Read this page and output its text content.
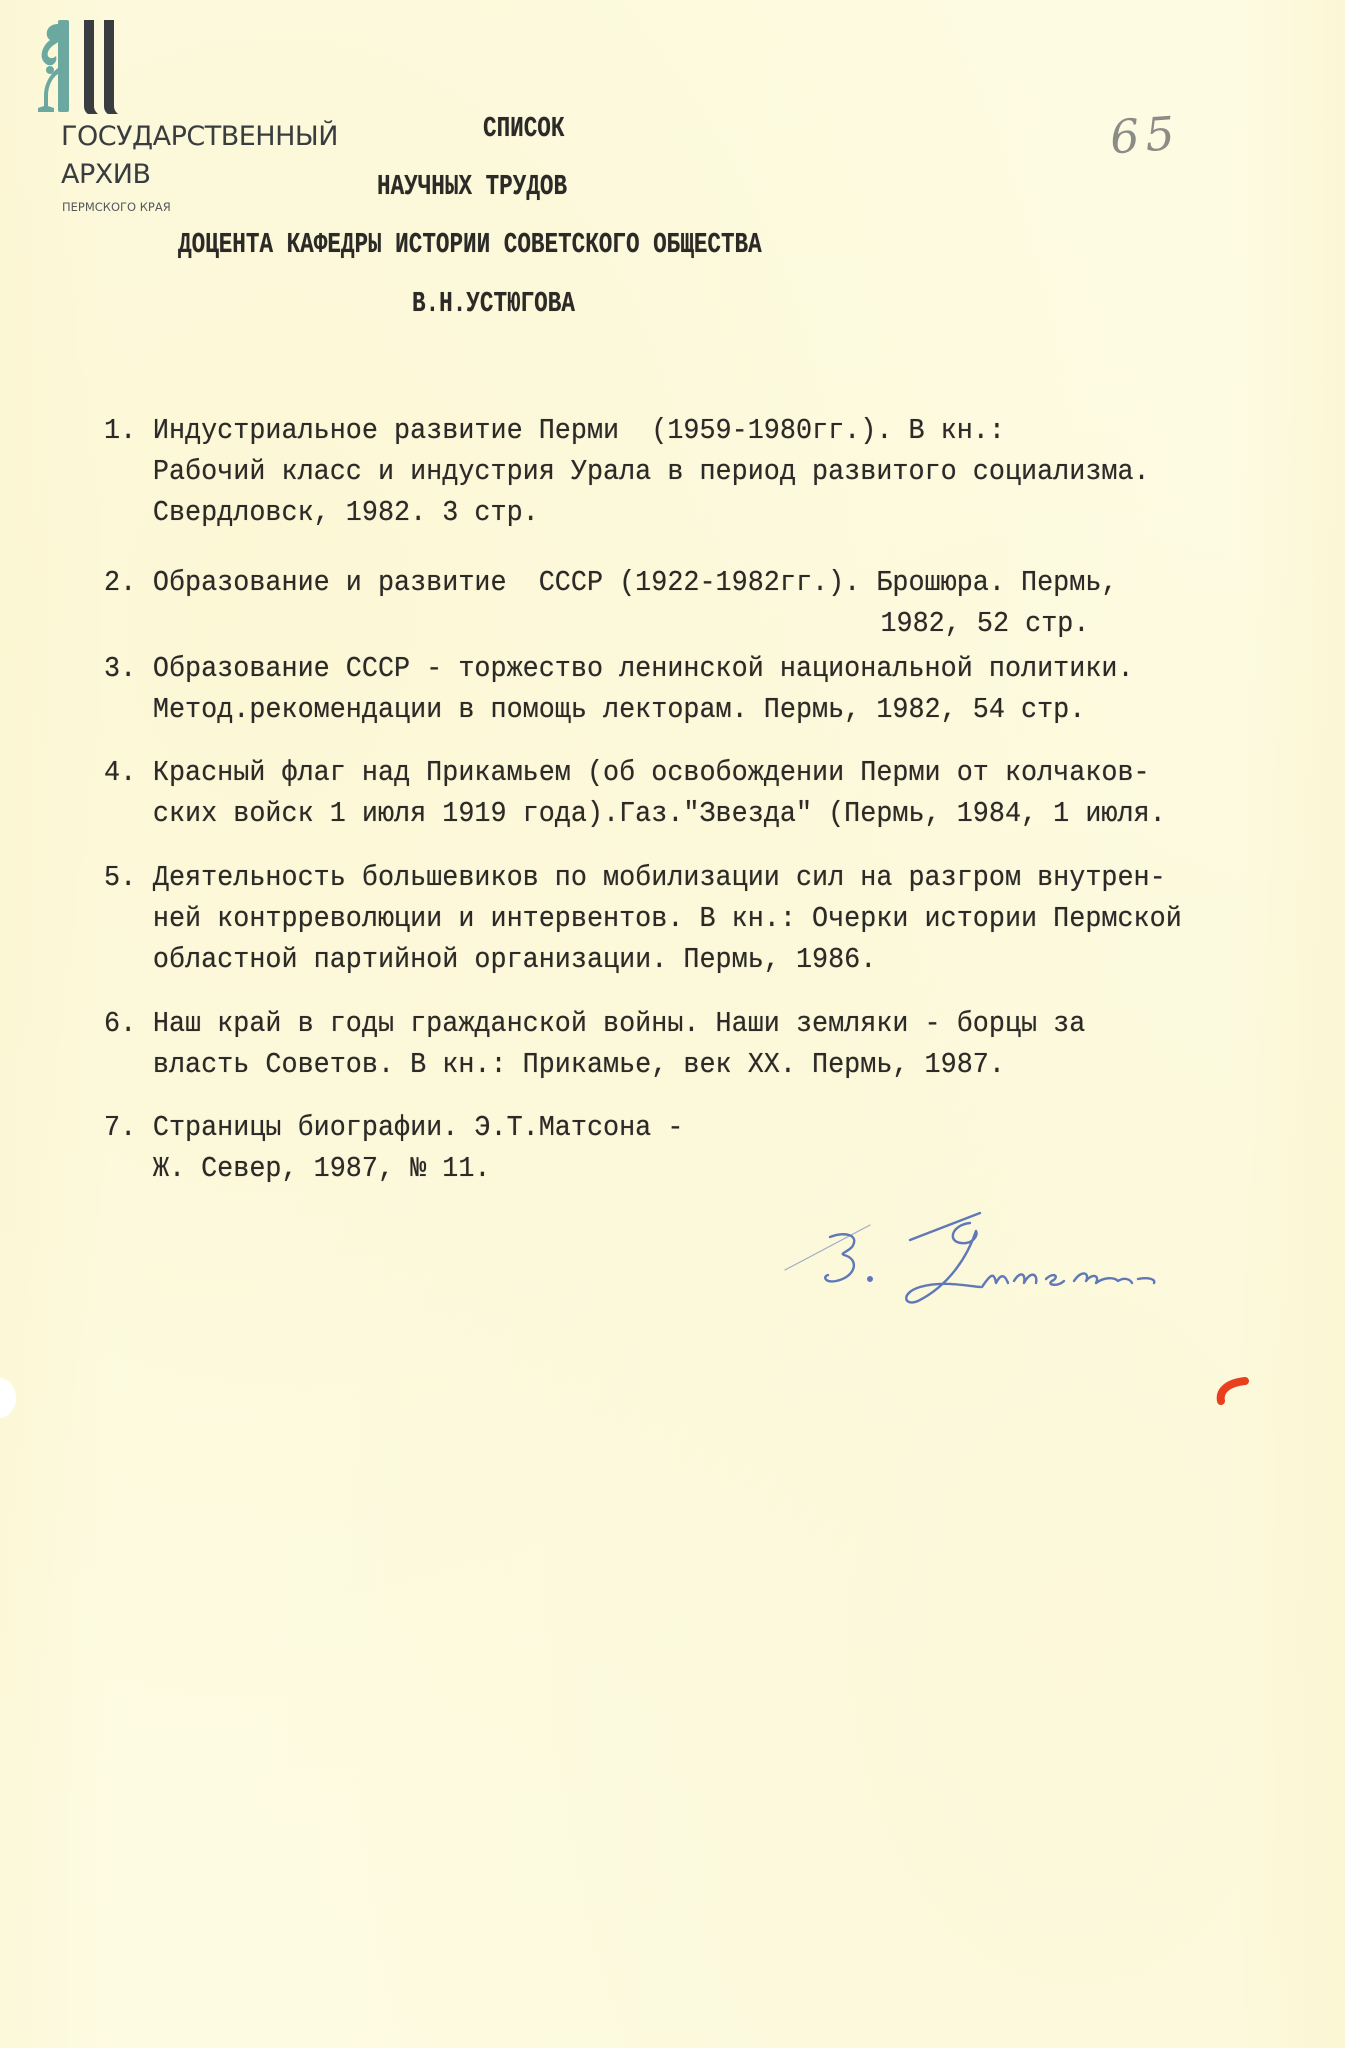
ГОСУДАРСТВЕННЫЙ
АРХИВ
ПЕРМСКОГО КРАЯ
65
СПИСОК
НАУЧНЫХ ТРУДОВ
ДОЦЕНТА КАФЕДРЫ ИСТОРИИ СОВЕТСКОГО ОБЩЕСТВА
В.Н.УСТЮГОВА
1. Индустриальное развитие Перми  (1959-1980гг.). В кн.:
Рабочий класс и индустрия Урала в период развитого социализма.
Свердловск, 1982. 3 стр.
2. Образование и развитие  СССР (1922-1982гг.). Брошюра. Пермь,
1982, 52 стр.
3. Образование СССР - торжество ленинской национальной политики.
Метод.рекомендации в помощь лекторам. Пермь, 1982, 54 стр.
4. Красный флаг над Прикамьем (об освобождении Перми от колчаков-
ских войск 1 июля 1919 года).Газ."Звезда" (Пермь, 1984, 1 июля.
5. Деятельность большевиков по мобилизации сил на разгром внутрен-
ней контрреволюции и интервентов. В кн.: Очерки истории Пермской
областной партийной организации. Пермь, 1986.
6. Наш край в годы гражданской войны. Наши земляки - борцы за
власть Советов. В кн.: Прикамье, век XX. Пермь, 1987.
7. Страницы биографии. Э.Т.Матсона -
Ж. Север, 1987, № 11.
